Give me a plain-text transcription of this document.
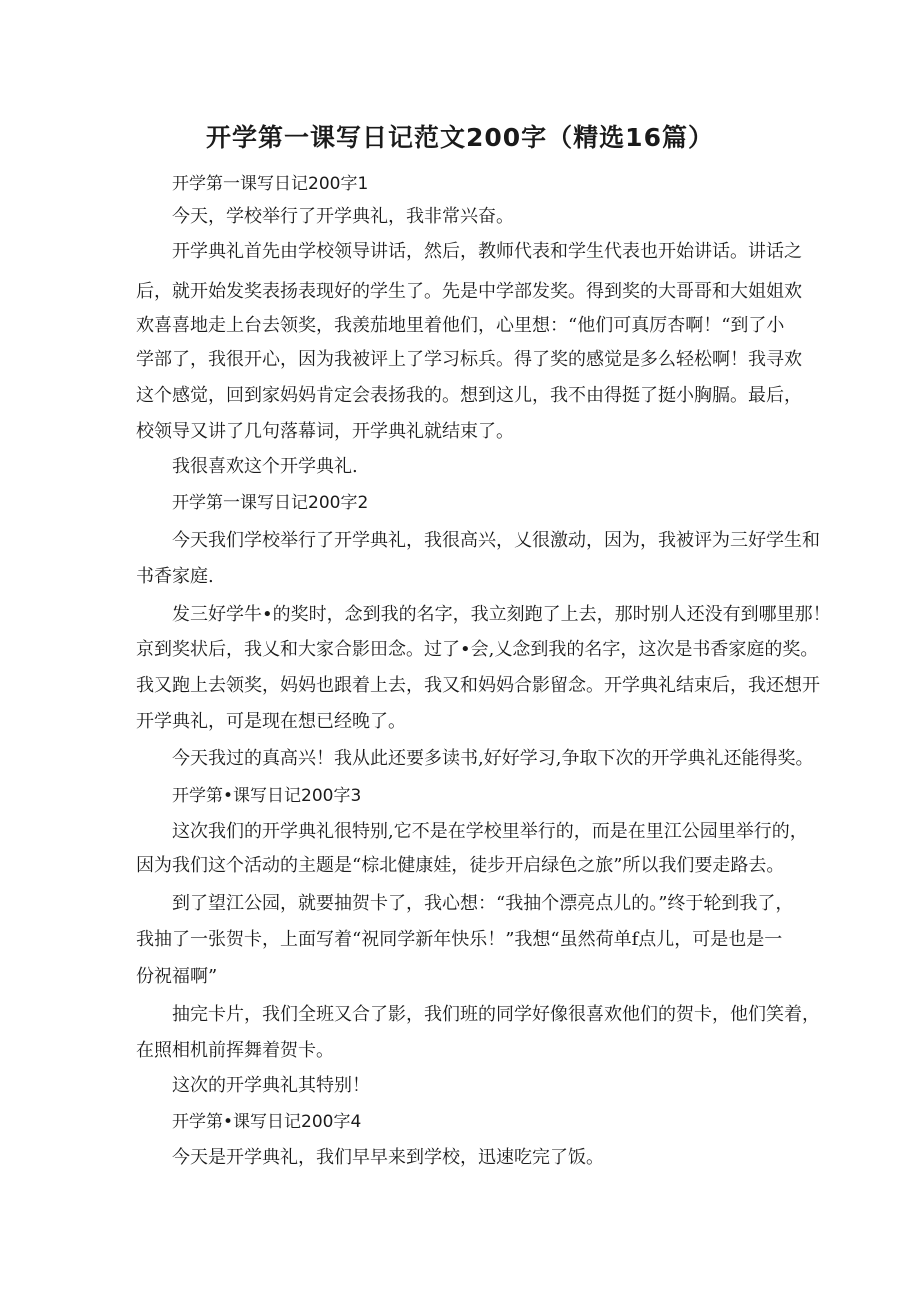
开学第一课写日记范文200字（精选16篇）
开学第一课写日记200字1
今天，学校举行了开学典礼，我非常兴奋。
开学典礼首先由学校领导讲话，然后，教师代表和学生代表也开始讲话。讲话之
后，就开始发奖表扬表现好的学生了。先是中学部发奖。得到奖的大哥哥和大姐姐欢
欢喜喜地走上台去领奖，我羡茄地里着他们，心里想：“他们可真厉杏啊！“到了小
学部了，我很开心，因为我被评上了学习标兵。得了奖的感觉是多么轻松啊！我寻欢
这个感觉，回到家妈妈肯定会表扬我的。想到这儿，我不由得挺了挺小胸膈。最后，
校领导又讲了几句落幕词，开学典礼就结束了。
我很喜欢这个开学典礼.
开学第一课写日记200字2
今天我们学校举行了开学典礼，我很高兴，乂很激动，因为，我被评为三好学生和
书香家庭.
发三好学牛•的奖时，念到我的名字，我立刻跑了上去，那时别人还没有到哪里那！
京到奖状后，我乂和大家合影田念。过了•会,乂念到我的名字，这次是书香家庭的奖。
我又跑上去领奖，妈妈也跟着上去，我又和妈妈合影留念。开学典礼结束后，我还想开
开学典礼，可是现在想已经晚了。
今天我过的真高兴！我从此还要多读书,好好学习,争取下次的开学典礼还能得奖。
开学第•课写日记200字3
这次我们的开学典礼很特别,它不是在学校里举行的，而是在里江公园里举行的，
因为我们这个活动的主题是“棕北健康娃，徒步开启绿色之旅”所以我们要走路去。
到了望江公园，就要抽贺卡了，我心想：“我抽个漂亮点儿的。”终于轮到我了，
我抽了一张贺卡，上面写着“祝同学新年快乐！”我想“虽然荷单f点儿，可是也是一
份祝福啊”
抽完卡片，我们全班又合了影，我们班的同学好像很喜欢他们的贺卡，他们笑着，
在照相机前挥舞着贺卡。
这次的开学典礼其特别！
开学第•课写日记200字4
今天是开学典礼，我们早早来到学校，迅速吃完了饭。
